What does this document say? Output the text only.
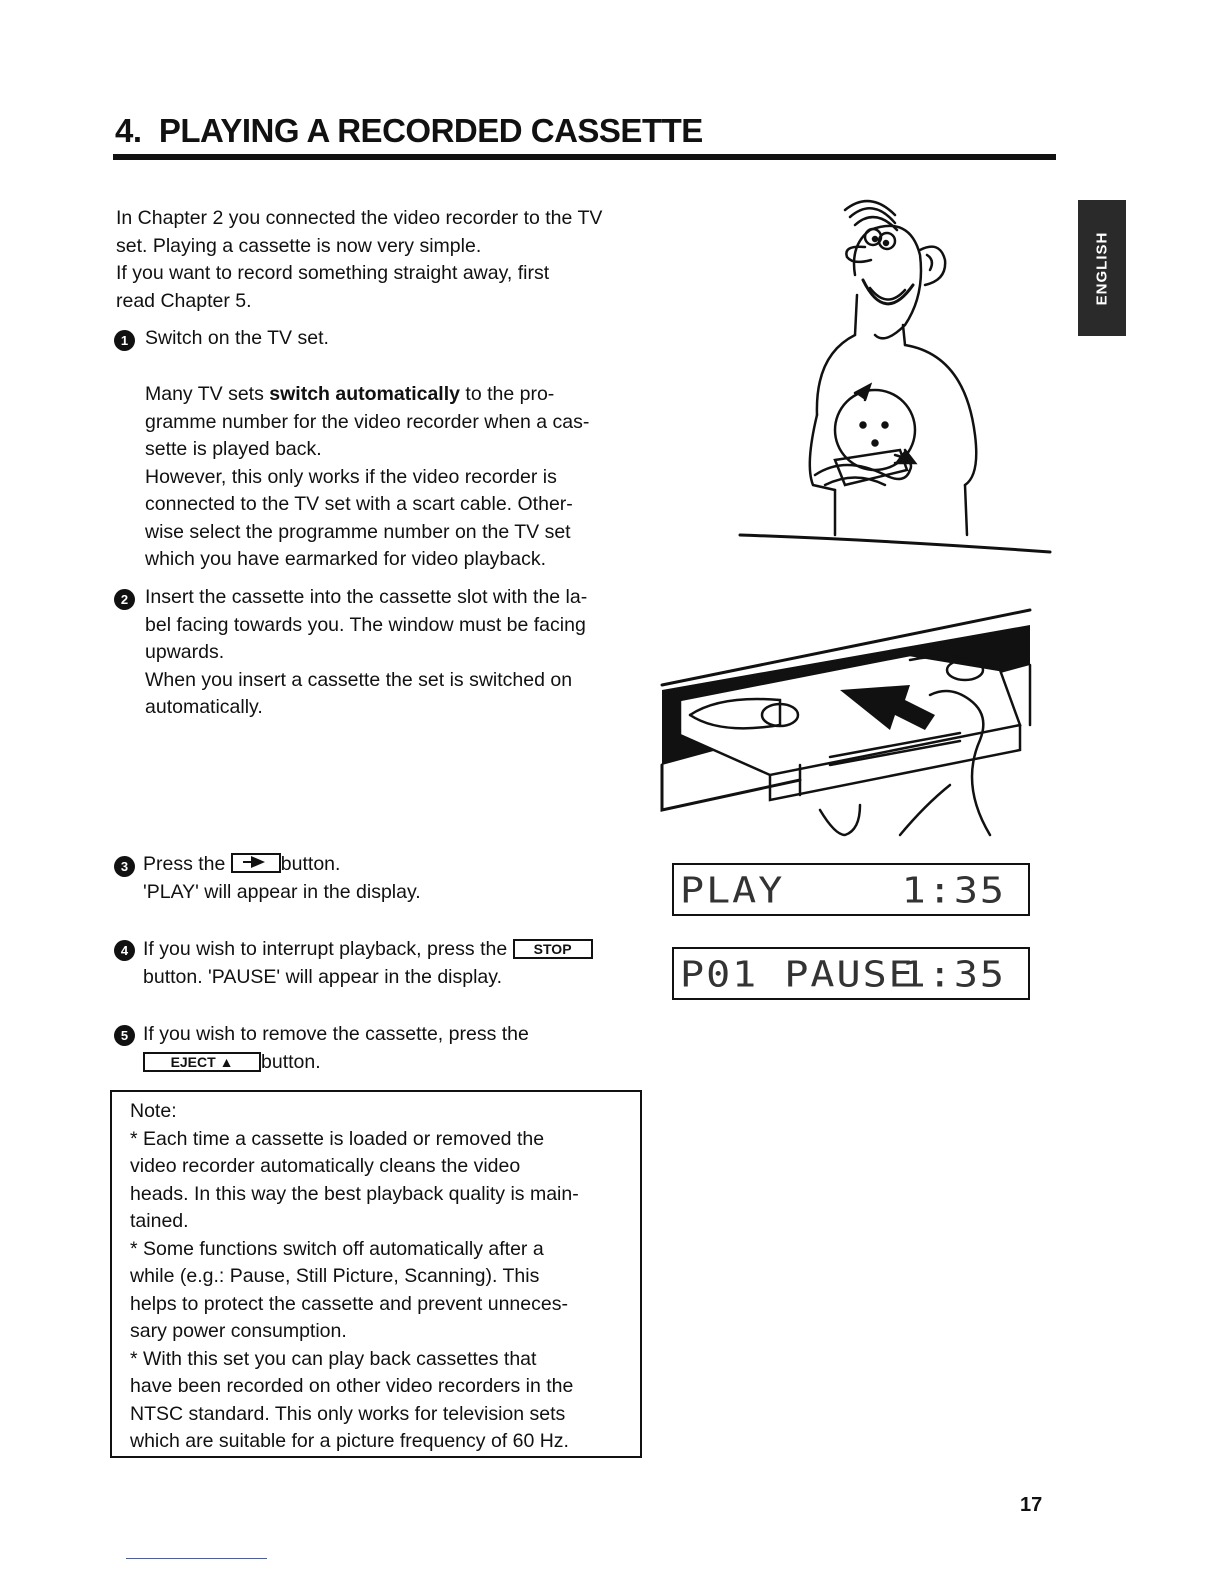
4.  PLAYING A RECORDED CASSETTE
ENGLISH
In Chapter 2 you connected the video recorder to the TV
set. Playing a cassette is now very simple.
If you want to record something straight away, first
read Chapter 5.
1 Switch on the TV set.
Many TV sets switch automatically to the pro-
gramme number for the video recorder when a cas-
sette is played back.
However, this only works if the video recorder is
connected to the TV set with a scart cable. Other-
wise select the programme number on the TV set
which you have earmarked for video playback.
2 Insert the cassette into the cassette slot with the la-
bel facing towards you. The window must be facing
upwards.
When you insert a cassette the set is switched on
automatically.
3 Press the	button.
'PLAY' will appear in the display.
4 If you wish to interrupt playback, press the STOP
button. 'PAUSE' will appear in the display.
5 If you wish to remove the cassette, press the
EJECT ▲ button.
Note:
* Each time a cassette is loaded or removed the
video recorder automatically cleans the video
heads. In this way the best playback quality is main-
tained.
* Some functions switch off automatically after a
while (e.g.: Pause, Still Picture, Scanning). This
helps to protect the cassette and prevent unneces-
sary power consumption.
* With this set you can play back cassettes that
have been recorded on other video recorders in the
NTSC standard. This only works for television sets
which are suitable for a picture frequency of 60 Hz.
PLAY	1:35
P01 PAUSE
1:35
17
